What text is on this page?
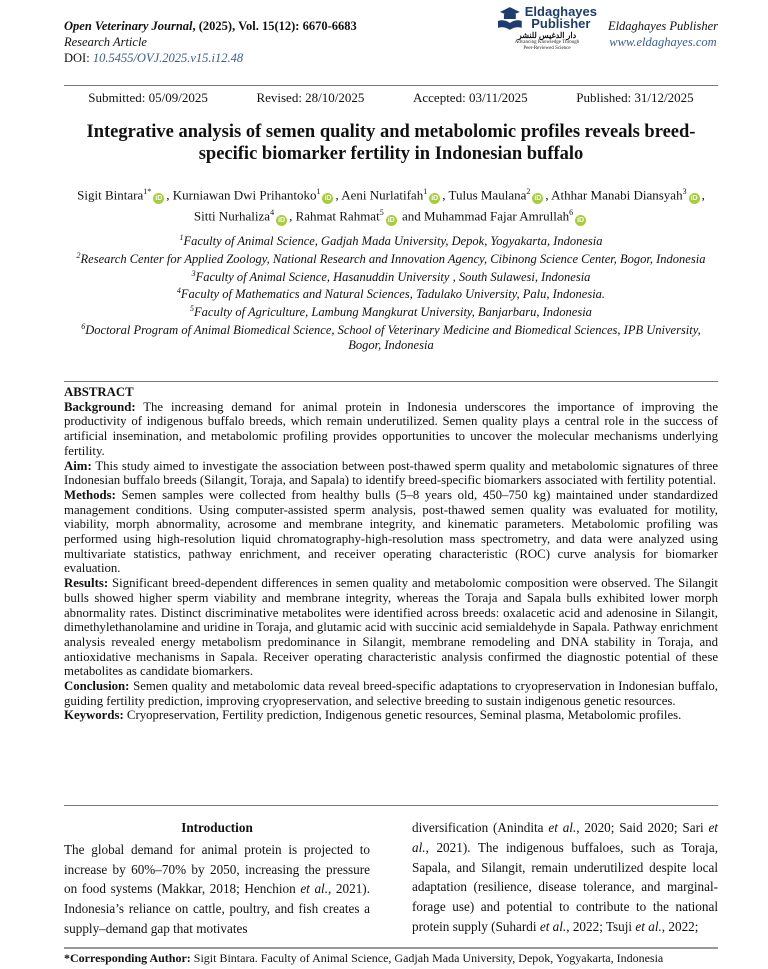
Open Veterinary Journal, (2025), Vol. 15(12): 6670-6683
Research Article
DOI: 10.5455/OVJ.2025.v15.i12.48
Eldaghayes
Publisher
دار الدغيس للنشر
Advancing Knowledge Through
Peer-Reviewed Science
Eldaghayes Publisher
www.eldaghayes.com
Submitted: 05/09/2025	Revised: 28/10/2025	Accepted: 03/11/2025	Published: 31/12/2025
Integrative analysis of semen quality and metabolomic profiles reveals breed-specific biomarker fertility in Indonesian buffalo
Sigit Bintara$^{1*}$iD , Kurniawan Dwi Prihantoko$^1$iD , Aeni Nurlatifah$^1$iD , Tulus Maulana$^2$iD , Athhar Manabi Diansyah$^3$iD , Sitti Nurhaliza$^4$iD , Rahmat Rahmat$^5$iD and Muhammad Fajar Amrullah$^6$iD
$^1$Faculty of Animal Science, Gadjah Mada University, Depok, Yogyakarta, Indonesia
$^2$Research Center for Applied Zoology, National Research and Innovation Agency, Cibinong Science Center, Bogor, Indonesia
$^3$Faculty of Animal Science, Hasanuddin University , South Sulawesi, Indonesia
$^4$Faculty of Mathematics and Natural Sciences, Tadulako University, Palu, Indonesia.
$^5$Faculty of Agriculture, Lambung Mangkurat University, Banjarbaru, Indonesia
$^6$Doctoral Program of Animal Biomedical Science, School of Veterinary Medicine and Biomedical Sciences, IPB University, Bogor, Indonesia

ABSTRACT

Background: The increasing demand for animal protein in Indonesia underscores the importance of improving the productivity of indigenous buffalo breeds, which remain underutilized. Semen quality plays a central role in the success of artificial insemination, and metabolomic profiling provides opportunities to uncover the molecular mechanisms underlying fertility.

Aim: This study aimed to investigate the association between post-thawed sperm quality and metabolomic signatures of three Indonesian buffalo breeds (Silangit, Toraja, and Sapala) to identify breed-specific biomarkers associated with fertility potential.

Methods: Semen samples were collected from healthy bulls (5–8 years old, 450–750 kg) maintained under standardized management conditions. Using computer-assisted sperm analysis, post-thawed semen quality was evaluated for motility, viability, morph abnormality, acrosome and membrane integrity, and kinematic parameters. Metabolomic profiling was performed using high-resolution liquid chromatography-high-resolution mass spectrometry, and data were analyzed using multivariate statistics, pathway enrichment, and receiver operating characteristic (ROC) curve analysis for biomarker evaluation.

Results: Significant breed-dependent differences in semen quality and metabolomic composition were observed. The Silangit bulls showed higher sperm viability and membrane integrity, whereas the Toraja and Sapala bulls exhibited lower morph abnormality rates. Distinct discriminative metabolites were identified across breeds: oxalacetic acid and adenosine in Silangit, dimethylethanolamine and uridine in Toraja, and glutamic acid with succinic acid semialdehyde in Sapala. Pathway enrichment analysis revealed energy metabolism predominance in Silangit, membrane remodeling and DNA stability in Toraja, and antioxidative mechanisms in Sapala. Receiver operating characteristic analysis confirmed the diagnostic potential of these metabolites as candidate biomarkers.

Conclusion: Semen quality and metabolomic data reveal breed-specific adaptations to cryopreservation in Indonesian buffalo, guiding fertility prediction, improving cryopreservation, and selective breeding to sustain indigenous genetic resources.

Keywords: Cryopreservation, Fertility prediction, Indigenous genetic resources, Seminal plasma, Metabolomic profiles.

Introduction
The global demand for animal protein is projected to increase by 60%–70% by 2050, increasing the pressure on food systems (Makkar, 2018; Henchion et al., 2021). Indonesia’s reliance on cattle, poultry, and fish creates a supply–demand gap that motivates
diversification (Anindita et al., 2020; Said 2020; Sari et al., 2021). The indigenous buffaloes, such as Toraja, Sapala, and Silangit, remain underutilized despite local adaptation (resilience, disease tolerance, and marginal-forage use) and potential to contribute to the national protein supply (Suhardi et al., 2022; Tsuji et al., 2022;
*Corresponding Author: Sigit Bintara. Faculty of Animal Science, Gadjah Mada University, Depok, Yogyakarta, Indonesia
